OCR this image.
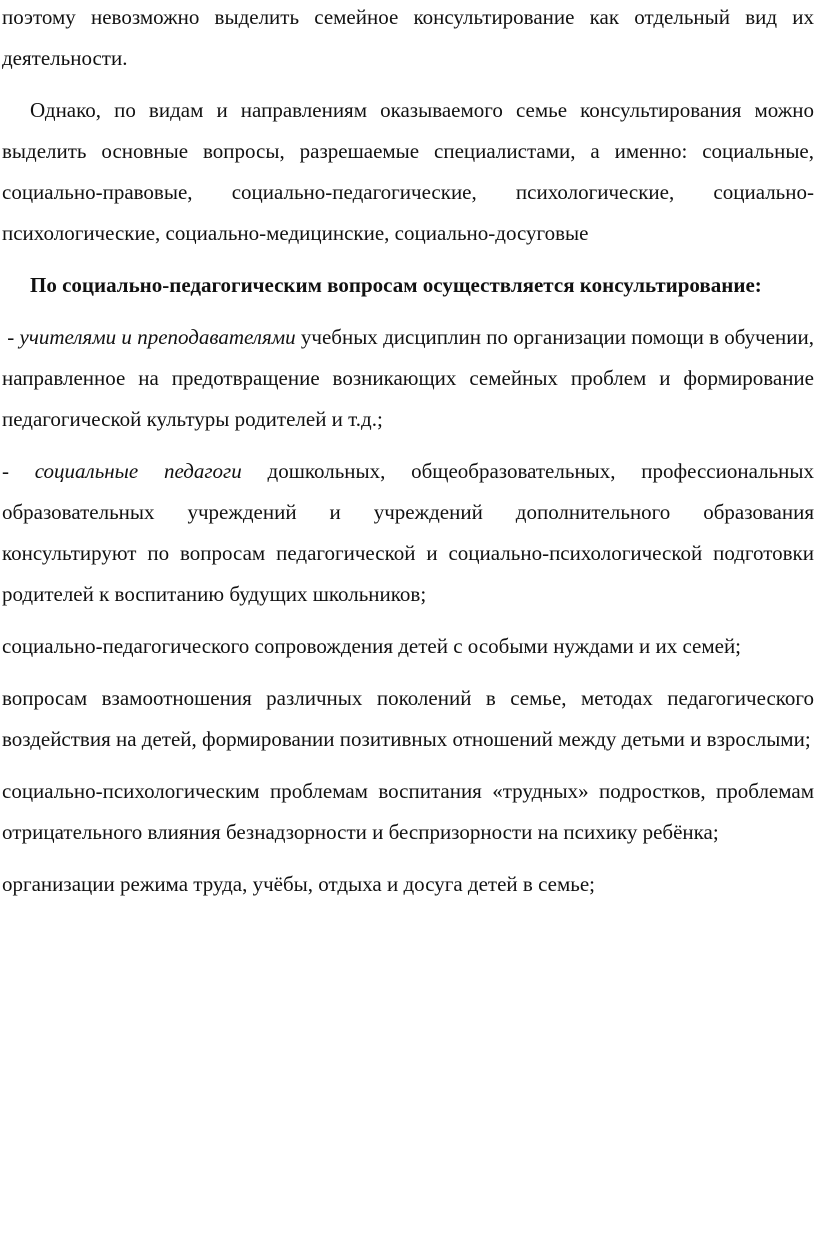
поэтому невозможно выделить семейное консультирование как отдельный вид их деятельности.

Однако, по видам и направлениям оказываемого семье консультирования можно выделить основные вопросы, разрешаемые специалистами, а именно: социальные, социально-правовые, социально-педагогические, психологические, социально-психологические, социально-медицинские, социально-досуговые

По социально-педагогическим вопросам осуществляется консультирование:

- учителями и преподавателями учебных дисциплин по организации помощи в обучении, направленное на предотвращение возникающих семейных проблем и формирование педагогической культуры родителей и т.д.;

- социальные педагоги дошкольных, общеобразовательных, профессиональных образовательных учреждений и учреждений дополнительного образования консультируют по вопросам педагогической и социально-психологической подготовки родителей к воспитанию будущих школьников;

социально-педагогического сопровождения детей с особыми нуждами и их семей;

вопросам взамоотношения различных поколений в семье, методах педагогического воздействия на детей, формировании позитивных отношений между детьми и взрослыми;

социально-психологическим проблемам воспитания «трудных» подростков, проблемам отрицательного влияния безнадзорности и беспризорности на психику ребёнка;

организации режима труда, учёбы, отдыха и досуга детей в семье;
